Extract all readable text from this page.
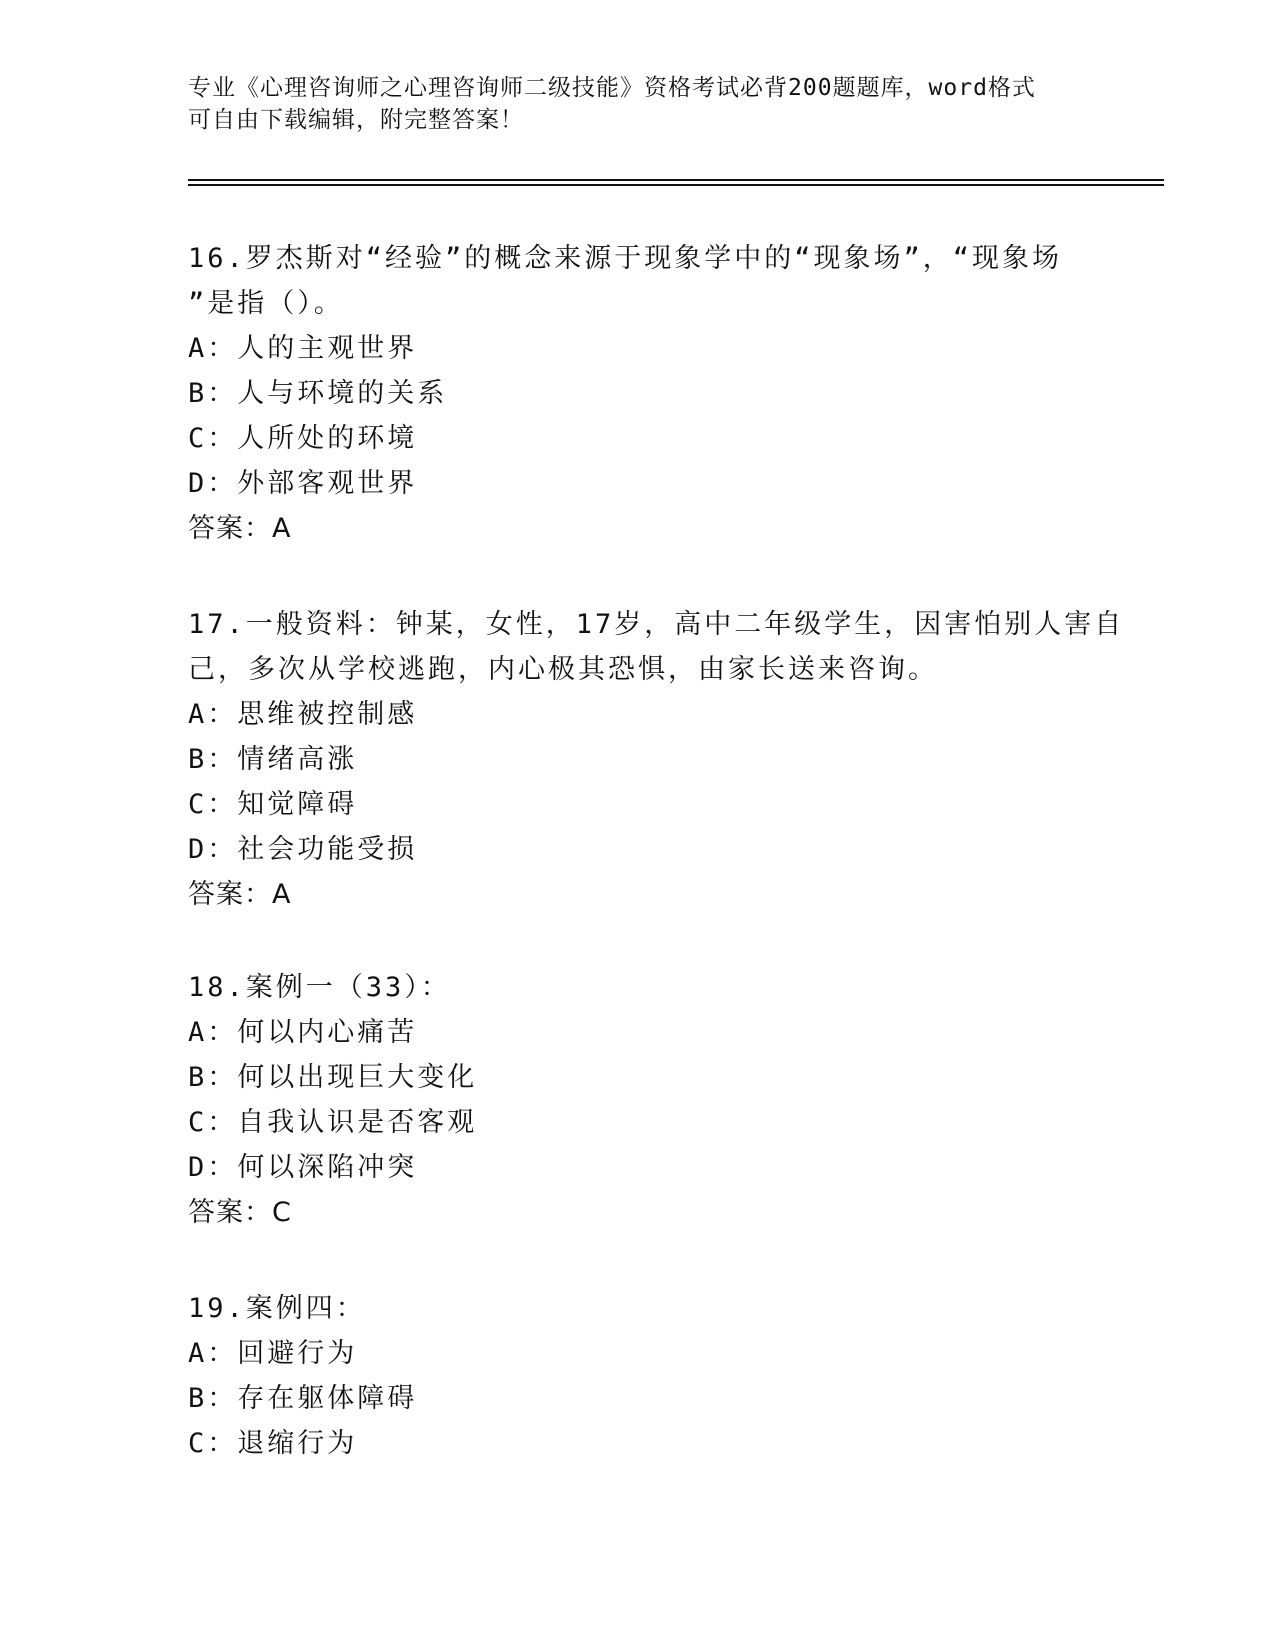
专业《心理咨询师之心理咨询师二级技能》资格考试必背200题题库，word格式
可自由下载编辑，附完整答案！
16.罗杰斯对“经验”的概念来源于现象学中的“现象场”，“现象场
”是指（）。
A：人的主观世界
B：人与环境的关系
C：人所处的环境
D：外部客观世界
答案：A
17.一般资料：钟某，女性，17岁，高中二年级学生，因害怕别人害自
己，多次从学校逃跑，内心极其恐惧，由家长送来咨询。
A：思维被控制感
B：情绪高涨
C：知觉障碍
D：社会功能受损
答案：A
18.案例一（33）：
A：何以内心痛苦
B：何以出现巨大变化
C：自我认识是否客观
D：何以深陷冲突
答案：C
19.案例四：
A：回避行为
B：存在躯体障碍
C：退缩行为
